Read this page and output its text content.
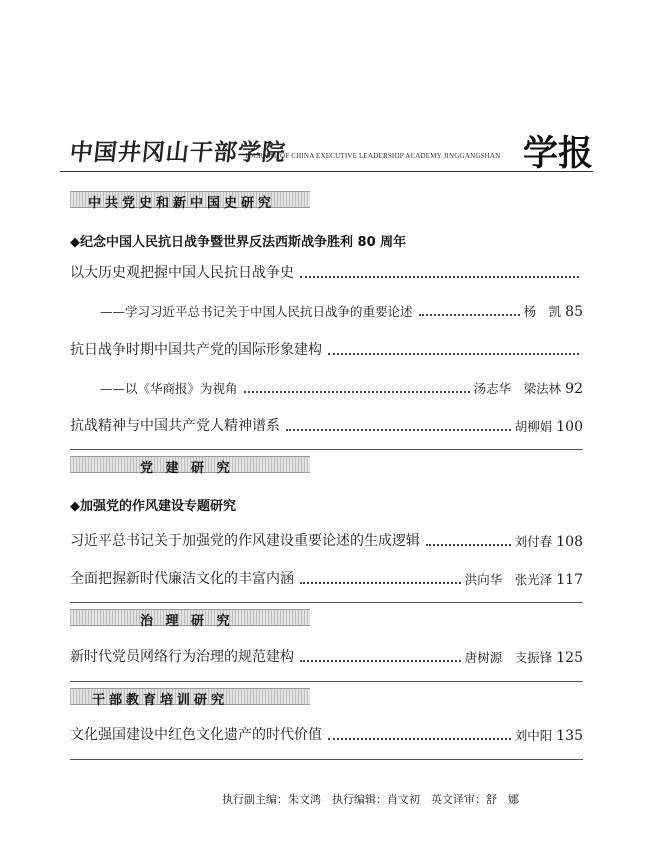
中国井冈山干部学院
JOURNAL OF CHINA EXECUTIVE LEADERSHIP ACADEMY JINGGANGSHAN 学报
中共党史和新中国史研究
◆纪念中国人民抗日战争暨世界反法西斯战争胜利 80 周年
以大历史观把握中国人民抗日战争史
——学习习近平总书记关于中国人民抗日战争的重要论述	杨　凯 85
抗日战争时期中国共产党的国际形象建构
——以《华商报》为视角	汤志华　梁法林 92
抗战精神与中国共产党人精神谱系	胡柳娟 100
党 建 研 究
◆加强党的作风建设专题研究
习近平总书记关于加强党的作风建设重要论述的生成逻辑	刘付春 108
全面把握新时代廉洁文化的丰富内涵	洪向华　张光泽 117
治 理 研 究
新时代党员网络行为治理的规范建构	唐树源　支振锋 125
干部教育培训研究
文化强国建设中红色文化遗产的时代价值	刘中阳 135
执行副主编：朱文鸿　执行编辑：肖文初　英文译审：舒　娜
